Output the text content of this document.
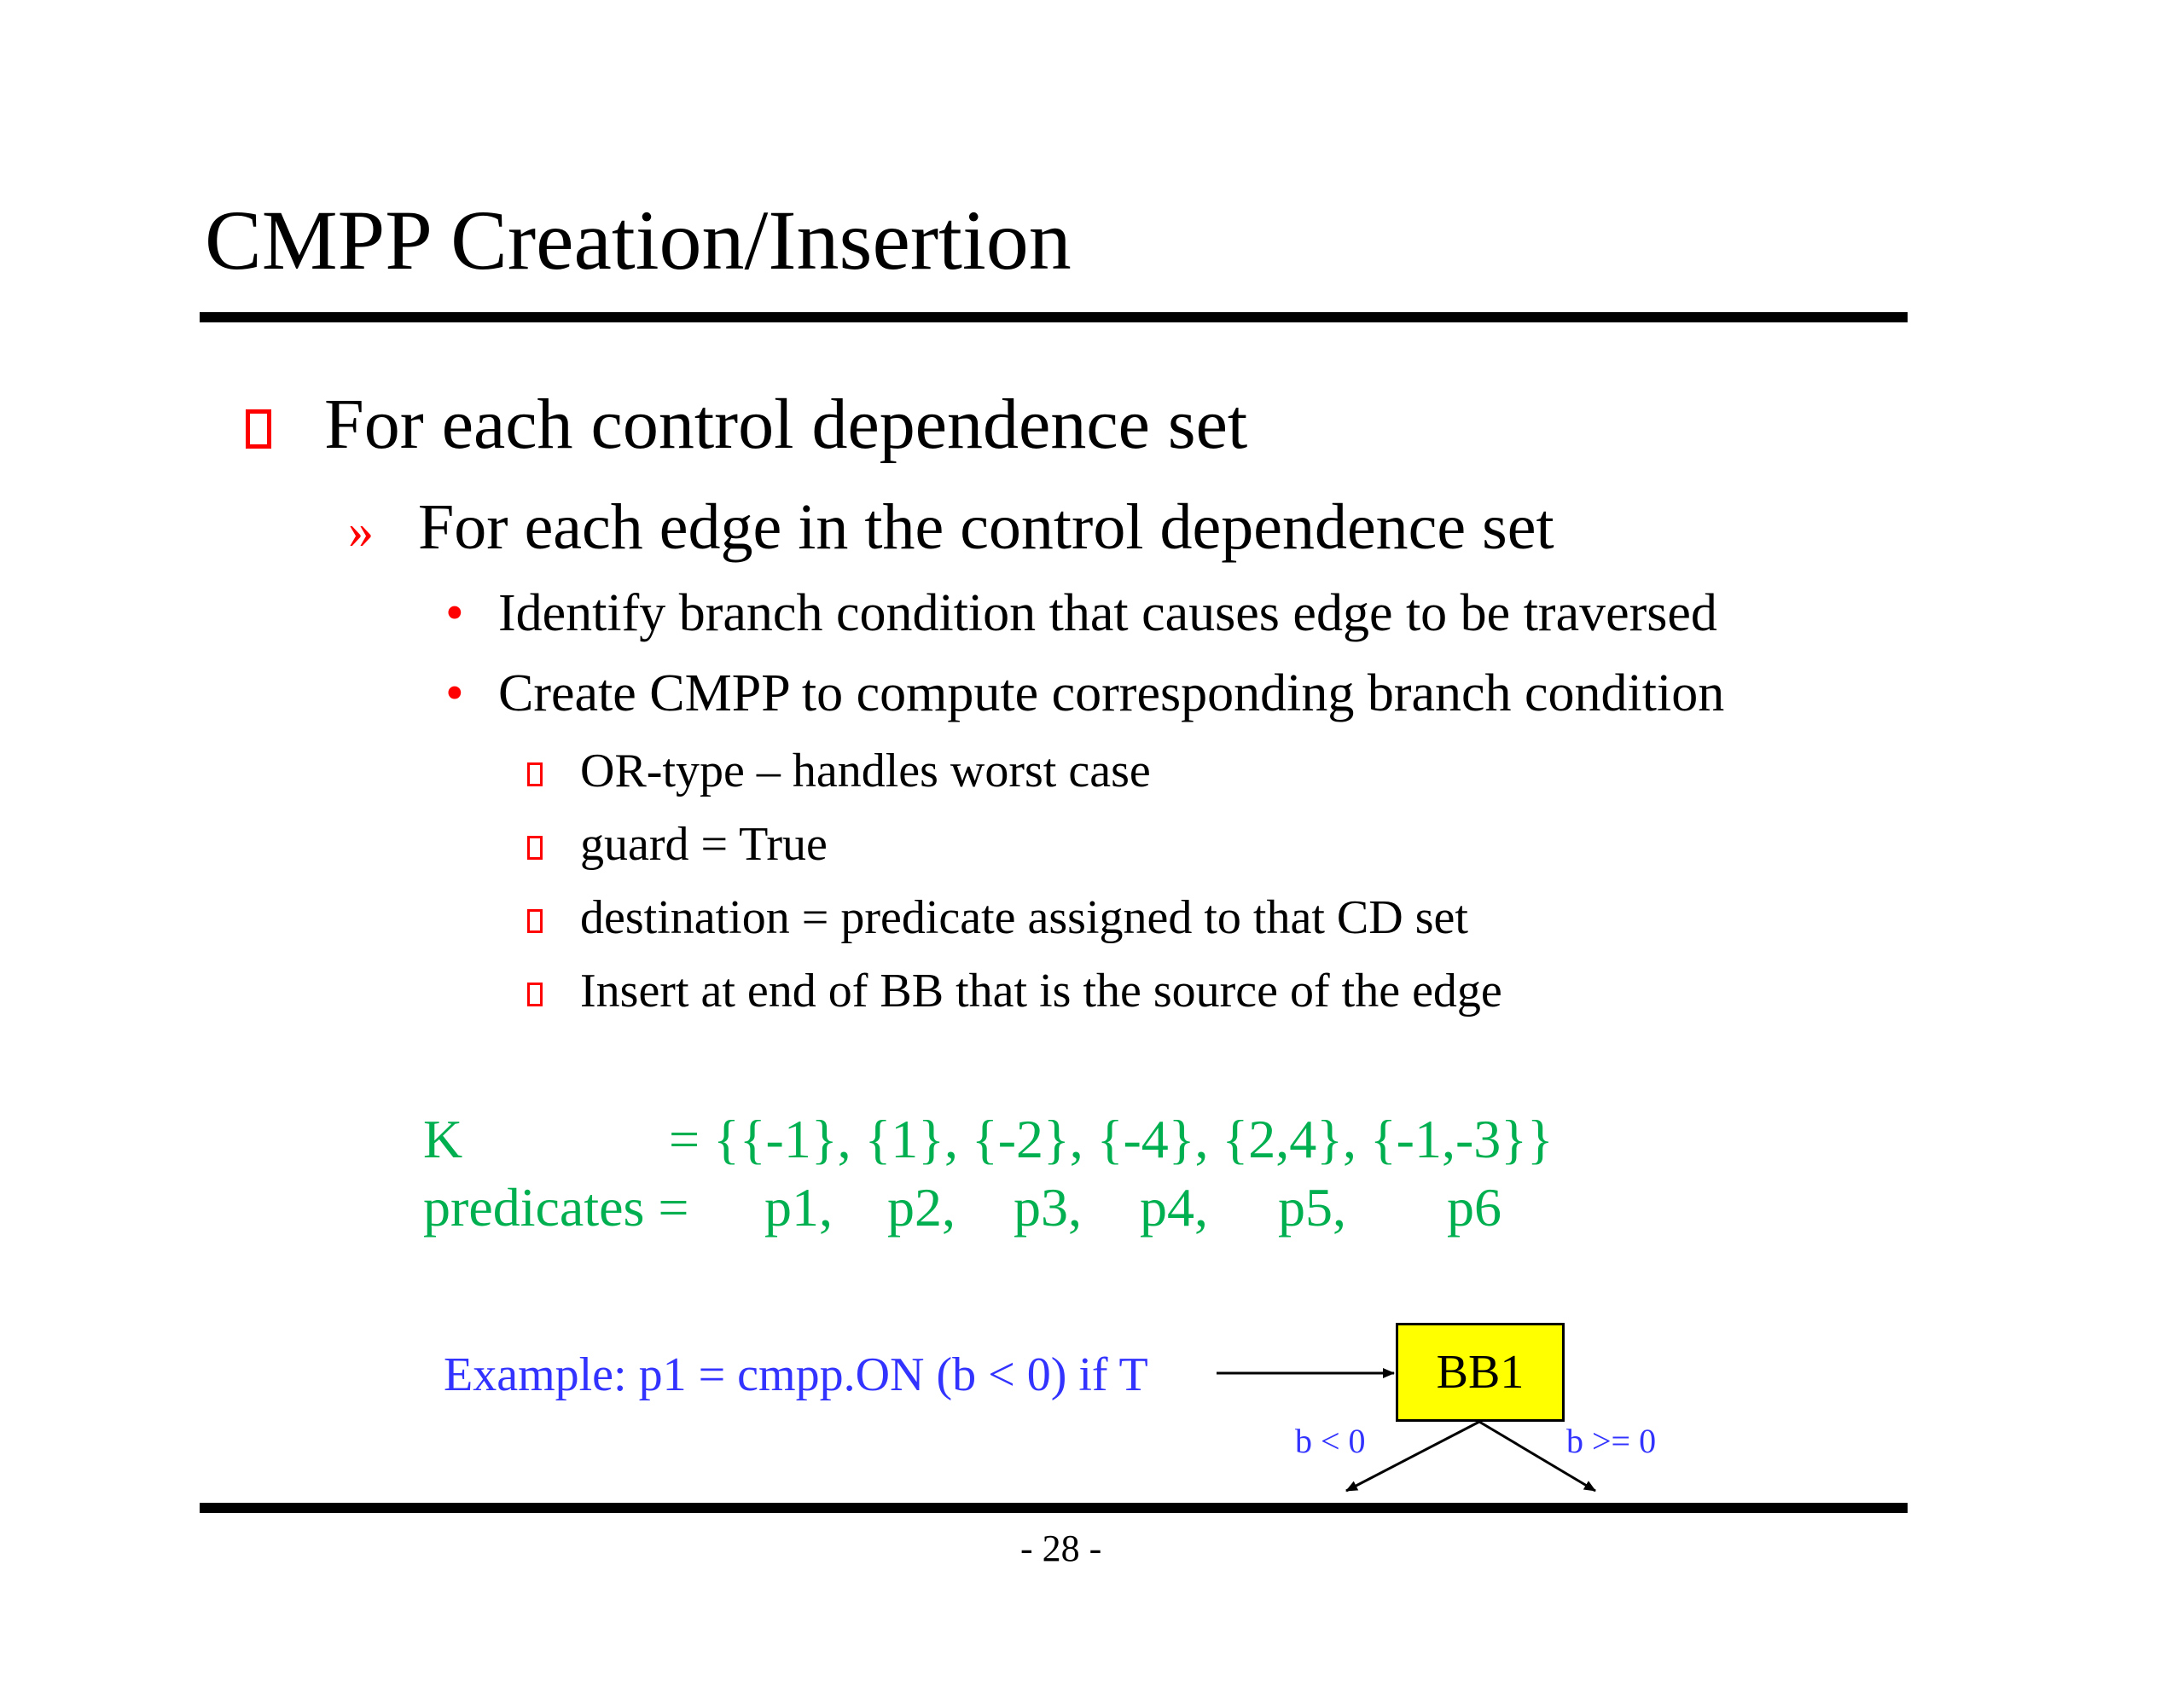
CMPP Creation/Insertion
For each control dependence set
» For each edge in the control dependence set
• Identify branch condition that causes edge to be traversed
• Create CMPP to compute corresponding branch condition
OR-type – handles worst case
guard = True
destination = predicate assigned to that CD set
Insert at end of BB that is the source of the edge
K	= {{-1}, {1}, {-2}, {-4}, {2,4}, {-1,-3}}
predicates = p1, p2, p3, p4, p5, p6
Example: p1 = cmpp.ON (b < 0) if T	BB1
b < 0	b >= 0
- 28 -
